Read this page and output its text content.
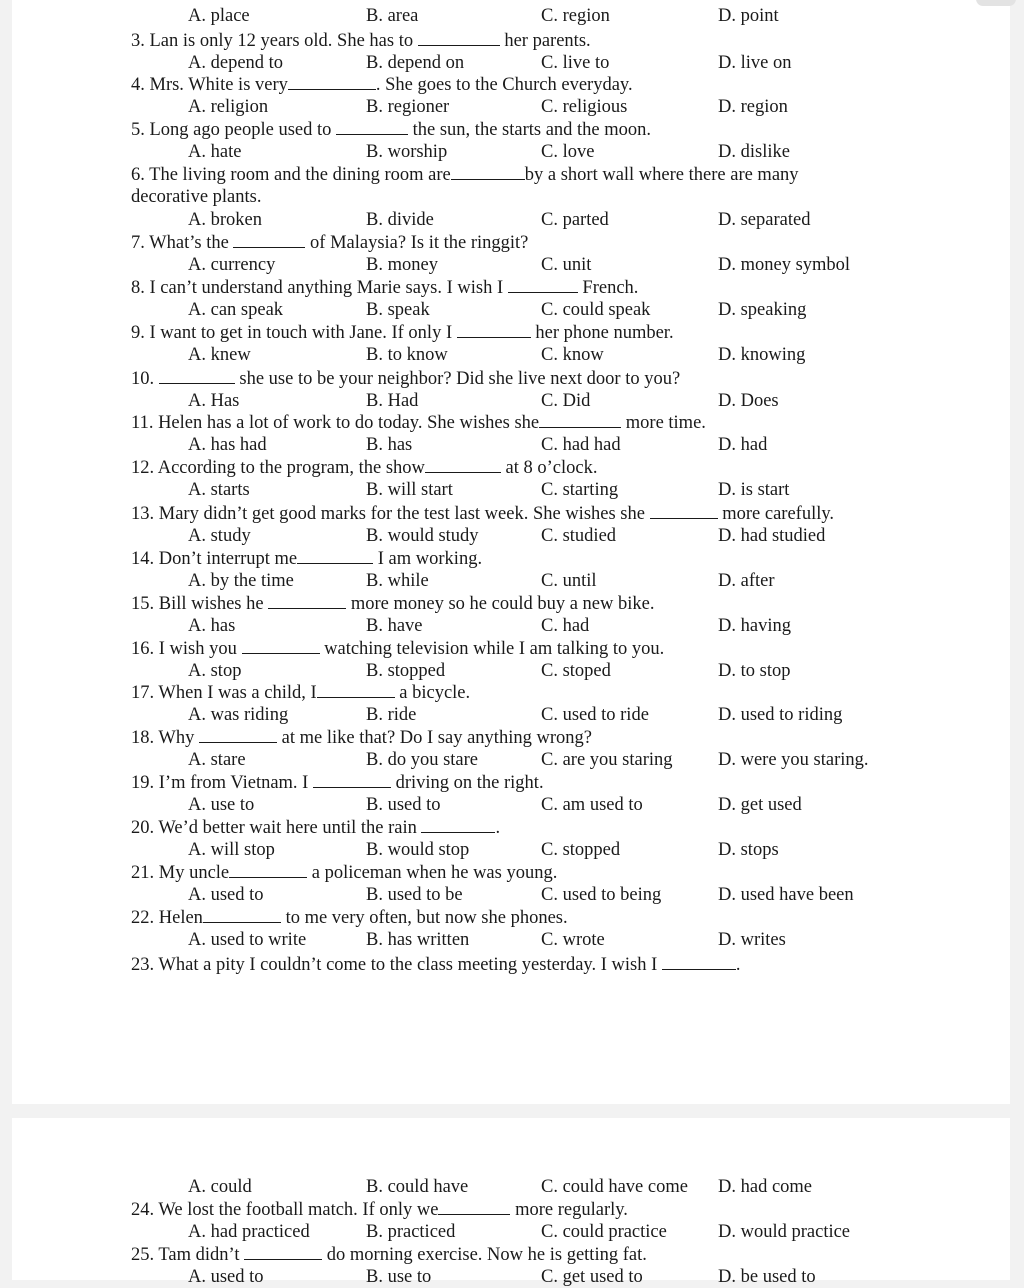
A. place	B. area	C. region	D. point
3. Lan is only 12 years old. She has to	her parents.
A. depend to	B. depend on	C. live to	D. live on
4. Mrs. White is very	. She goes to the Church everyday.
A. religion	B. regioner	C. religious	D. region
5. Long ago people used to	the sun, the starts and the moon.
A. hate	B. worship	C. love	D. dislike
6. The living room and the dining room are	by a short wall where there are many
decorative plants.
A. broken	B. divide	C. parted	D. separated
7. What’s the	of Malaysia? Is it the ringgit?
A. currency	B. money	C. unit	D. money symbol
8. I can’t understand anything Marie says. I wish I	French.
A. can speak	B. speak	C. could speak	D. speaking
9. I want to get in touch with Jane. If only I	her phone number.
A. knew	B. to know	C. know	D. knowing
10.	she use to be your neighbor? Did she live next door to you?
A. Has	B. Had	C. Did	D. Does
11. Helen has a lot of work to do today. She wishes she	more time.
A. has had	B. has	C. had had	D. had
12. According to the program, the show	at 8 o’clock.
A. starts	B. will start	C. starting	D. is start
13. Mary didn’t get good marks for the test last week. She wishes she	more carefully.
A. study	B. would study	C. studied	D. had studied
14. Don’t interrupt me	I am working.
A. by the time	B. while	C. until	D. after
15. Bill wishes he	more money so he could buy a new bike.
A. has	B. have	C. had	D. having
16. I wish you	watching television while I am talking to you.
A. stop	B. stopped	C. stoped	D. to stop
17. When I was a child, I	a bicycle.
A. was riding	B. ride	C. used to ride	D. used to riding
18. Why	at me like that? Do I say anything wrong?
A. stare	B. do you stare	C. are you staring D. were you staring.
19. I’m from Vietnam. I	driving on the right.
A. use to	B. used to	C. am used to	D. get used
20. We’d better wait here until the rain	.
A. will stop	B. would stop	C. stopped	D. stops
21. My uncle	a policeman when he was young.
A. used to	B. used to be	C. used to being	D. used have been
22. Helen	to me very often, but now she phones.
A. used to write	B. has written	C. wrote	D. writes
23. What a pity I couldn’t come to the class meeting yesterday. I wish I	.
A. could	B. could have	C. could have come D. had come
24. We lost the football match. If only we	more regularly.
A. had practiced	B. practiced	C. could practice	D. would practice
25. Tam didn’t	do morning exercise. Now he is getting fat.
A. used to	B. use to	C. get used to	D. be used to
